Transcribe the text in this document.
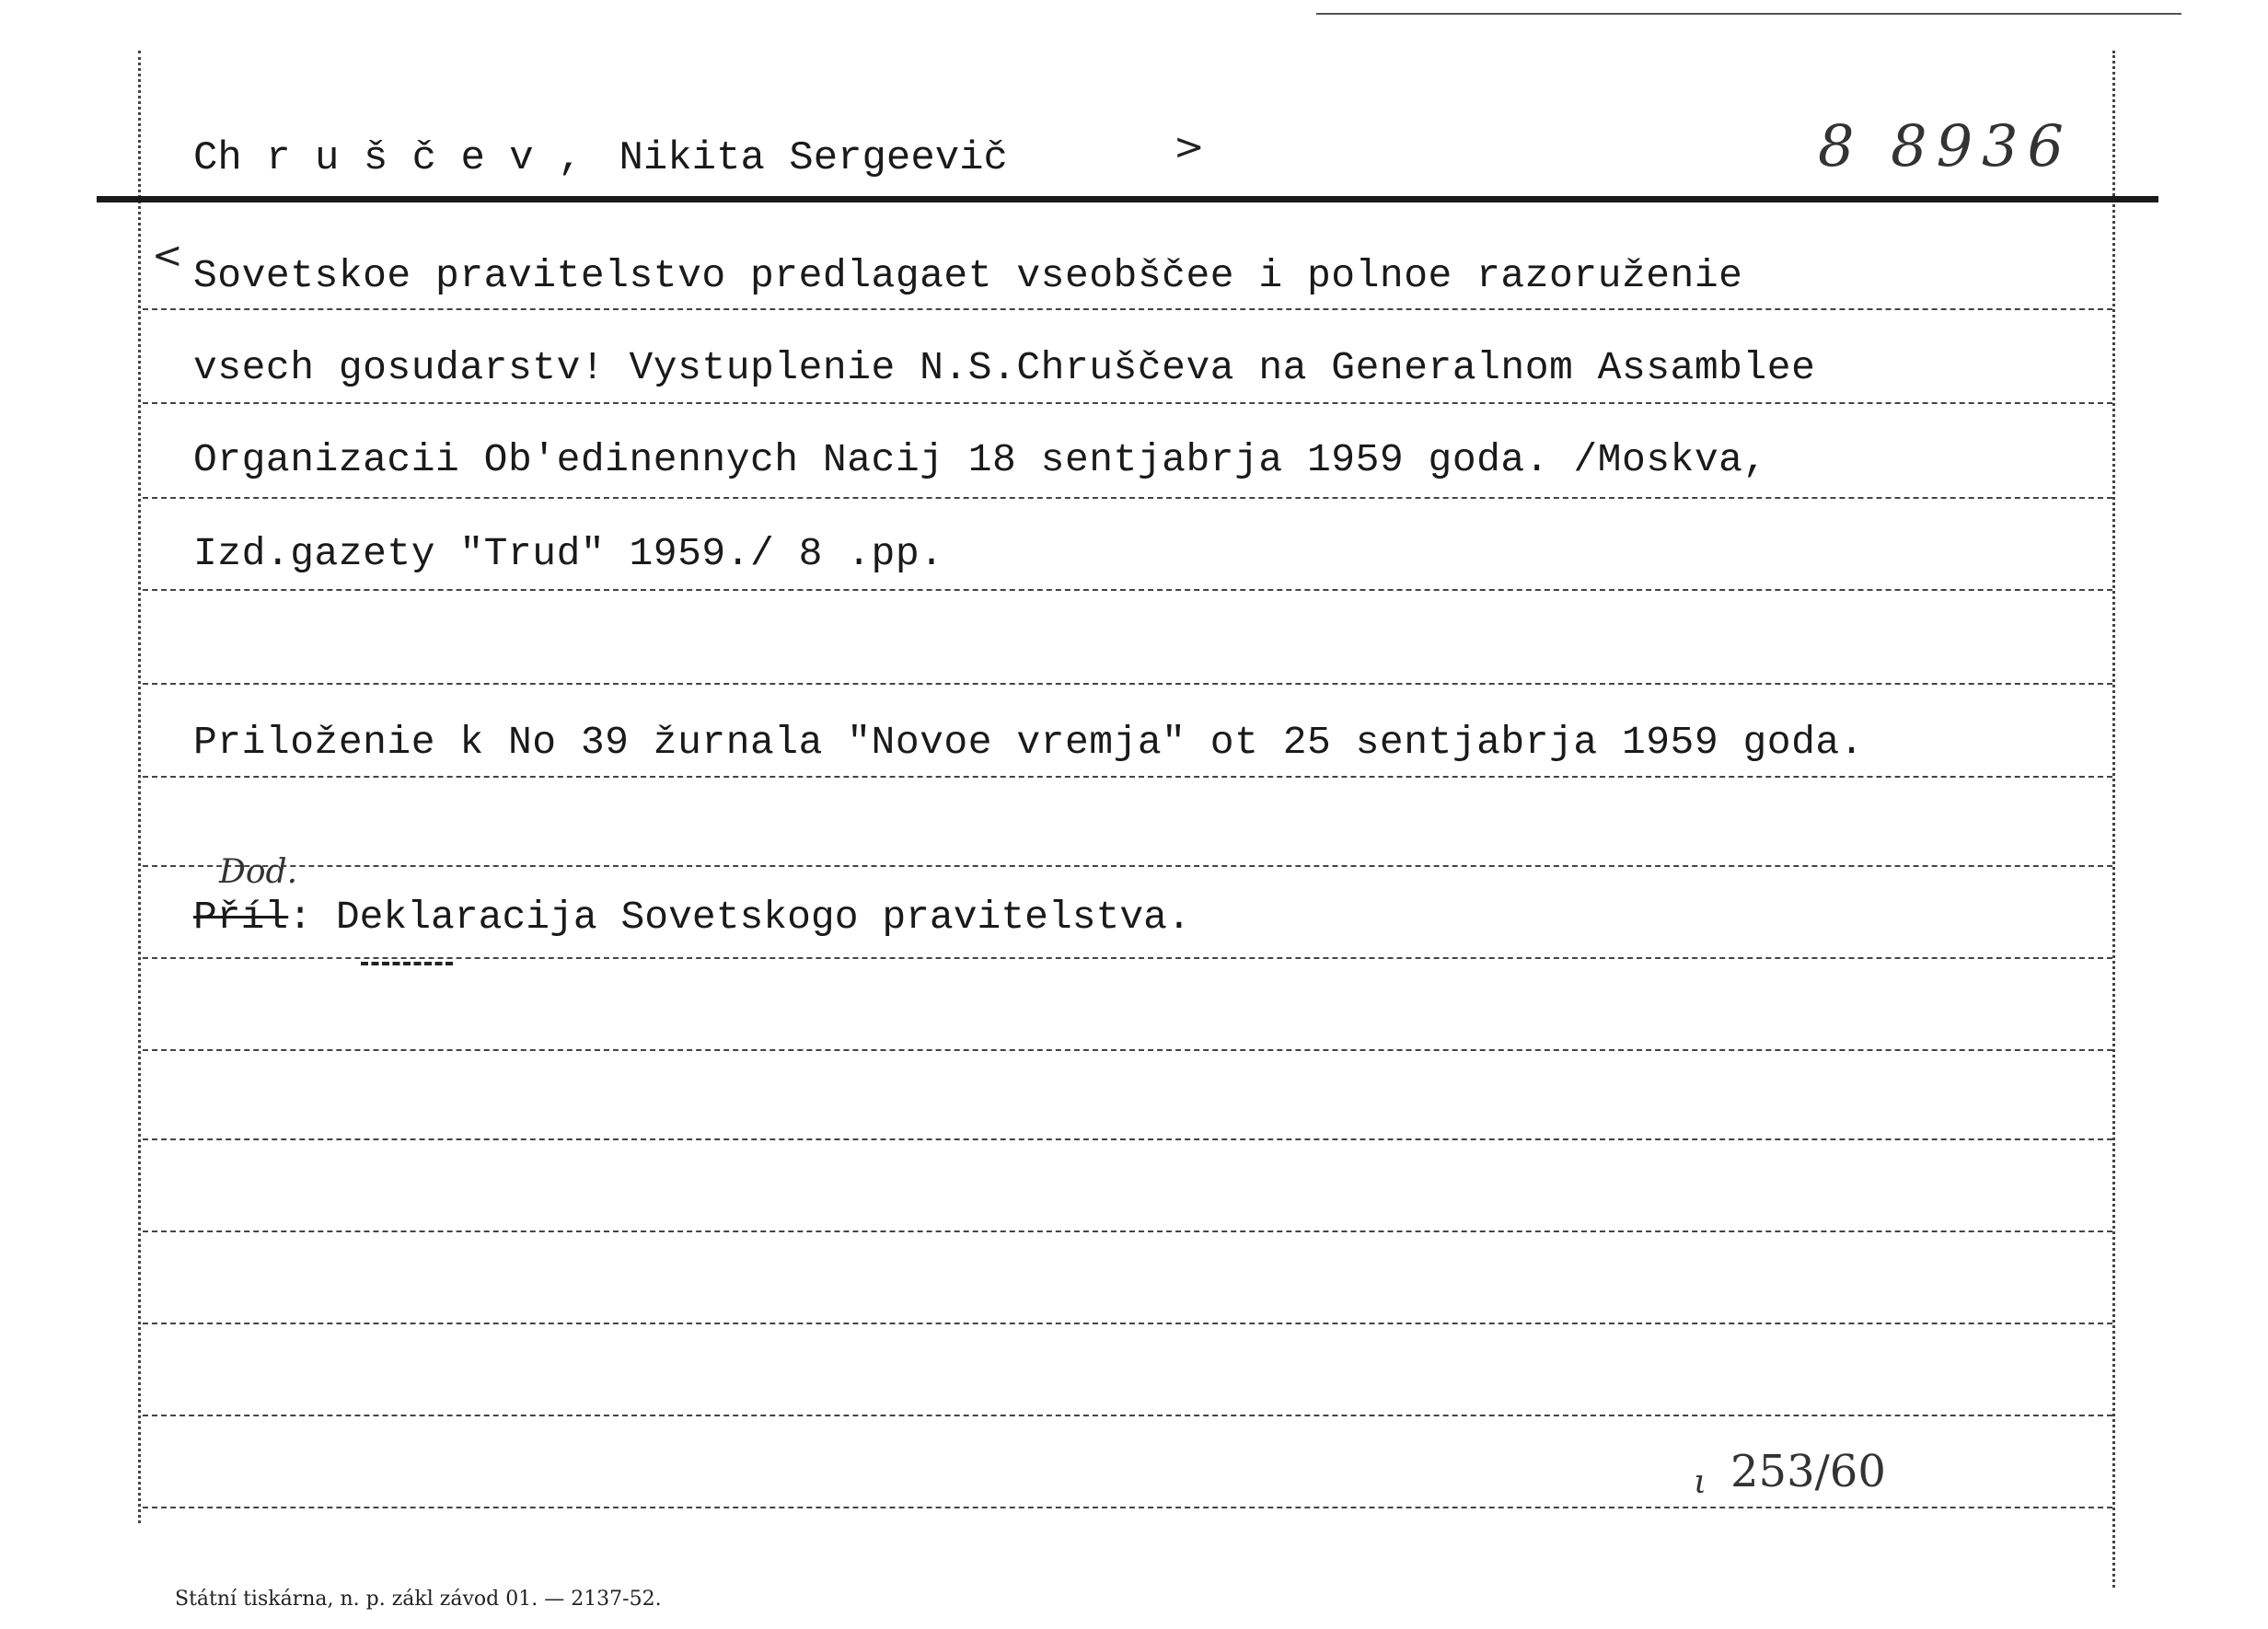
Ch r u š č e v , Nikita Sergeevič	>	8 8936
< Sovetskoe pravitelstvo predlagaet vseobščee i polnoe razoruženie
vsech gosudarstv! Vystuplenie N.S.Chruščeva na Generalnom Assamblee
Organizacii Ob'edinennych Nacij 18 sentjabrja 1959 goda. /Moskva,
Izd.gazety "Trud" 1959./ 8 .pp.
Priloženie k No 39 žurnala "Novoe vremja" ot 25 sentjabrja 1959 goda.
Dod.
Příl: Deklaracija Sovetskogo pravitelstva.
ι 253/60
Státní tiskárna, n. p. zákl závod 01. — 2137-52.
